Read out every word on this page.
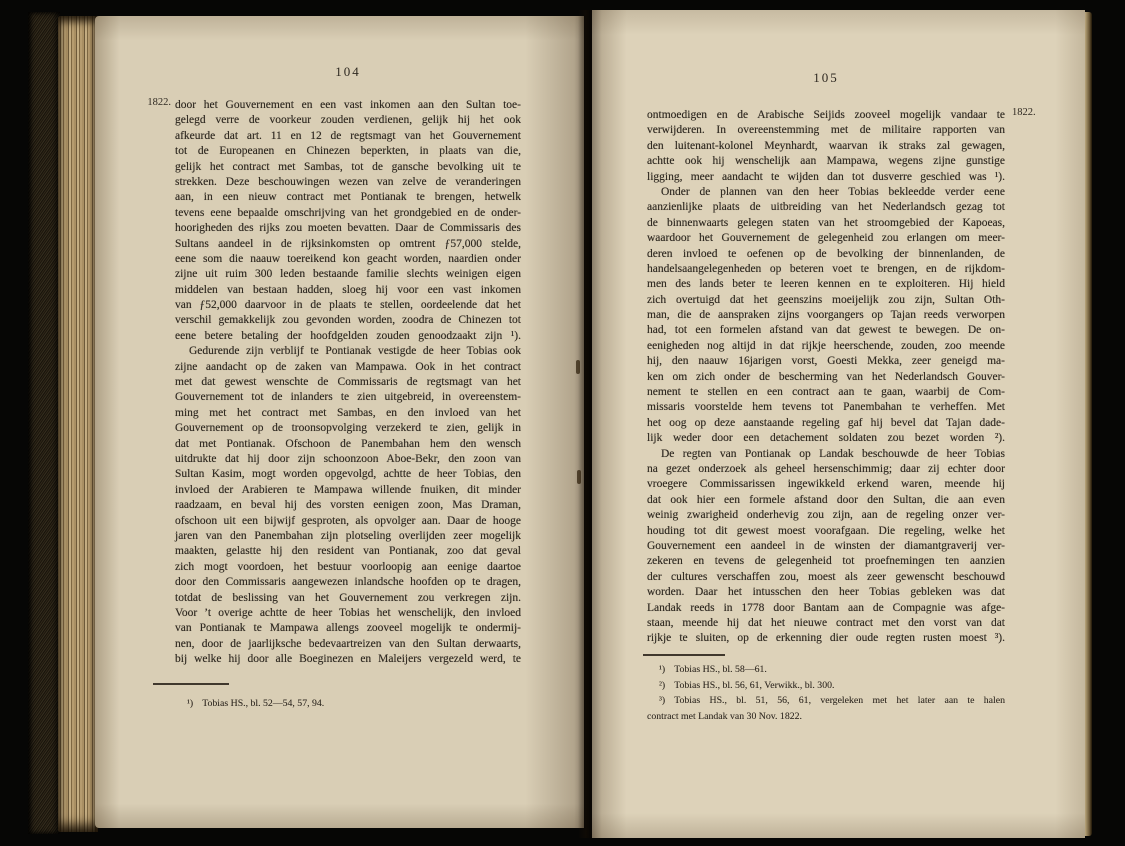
104
1822. door het Gouvernement en een vast inkomen aan den Sultan toe-
gelegd verre de voorkeur zouden verdienen, gelijk hij het ook
afkeurde dat art. 11 en 12 de regtsmagt van het Gouvernement
tot de Europeanen en Chinezen beperkten, in plaats van die,
gelijk het contract met Sambas, tot de gansche bevolking uit te
strekken. Deze beschouwingen wezen van zelve de veranderingen
aan, in een nieuw contract met Pontianak te brengen, hetwelk
tevens eene bepaalde omschrijving van het grondgebied en de onder-
hoorigheden des rijks zou moeten bevatten. Daar de Commissaris des
Sultans aandeel in de rijksinkomsten op omtrent ƒ57,000 stelde,
eene som die naauw toereikend kon geacht worden, naardien onder
zijne uit ruim 300 leden bestaande familie slechts weinigen eigen
middelen van bestaan hadden, sloeg hij voor een vast inkomen
van ƒ52,000 daarvoor in de plaats te stellen, oordeelende dat het
verschil gemakkelijk zou gevonden worden, zoodra de Chinezen tot
eene betere betaling der hoofdgelden zouden genoodzaakt zijn ¹).
Gedurende zijn verblijf te Pontianak vestigde de heer Tobias ook
zijne aandacht op de zaken van Mampawa. Ook in het contract
met dat gewest wenschte de Commissaris de regtsmagt van het
Gouvernement tot de inlanders te zien uitgebreid, in overeenstem-
ming met het contract met Sambas, en den invloed van het
Gouvernement op de troonsopvolging verzekerd te zien, gelijk in
dat met Pontianak. Ofschoon de Panembahan hem den wensch
uitdrukte dat hij door zijn schoonzoon Aboe-Bekr, den zoon van
Sultan Kasim, mogt worden opgevolgd, achtte de heer Tobias, den
invloed der Arabieren te Mampawa willende fnuiken, dit minder
raadzaam, en beval hij des vorsten eenigen zoon, Mas Draman,
ofschoon uit een bijwijf gesproten, als opvolger aan. Daar de hooge
jaren van den Panembahan zijn plotseling overlijden zeer mogelijk
maakten, gelastte hij den resident van Pontianak, zoo dat geval
zich mogt voordoen, het bestuur voorloopig aan eenige daartoe
door den Commissaris aangewezen inlandsche hoofden op te dragen,
totdat de beslissing van het Gouvernement zou verkregen zijn.
Voor ’t overige achtte de heer Tobias het wenschelijk, den invloed
van Pontianak te Mampawa allengs zooveel mogelijk te ondermij-
nen, door de jaarlijksche bedevaartreizen van den Sultan derwaarts,
bij welke hij door alle Boeginezen en Maleijers vergezeld werd, te
¹) Tobias HS., bl. 52—54, 57, 94.
105
1822.
ontmoedigen en de Arabische Seijids zooveel mogelijk vandaar te
verwijderen. In overeenstemming met de militaire rapporten van
den luitenant-kolonel Meynhardt, waarvan ik straks zal gewagen,
achtte ook hij wenschelijk aan Mampawa, wegens zijne gunstige
ligging, meer aandacht te wijden dan tot dusverre geschied was ¹).
Onder de plannen van den heer Tobias bekleedde verder eene
aanzienlijke plaats de uitbreiding van het Nederlandsch gezag tot
de binnenwaarts gelegen staten van het stroomgebied der Kapoeas,
waardoor het Gouvernement de gelegenheid zou erlangen om meer-
deren invloed te oefenen op de bevolking der binnenlanden, de
handelsaangelegenheden op beteren voet te brengen, en de rijkdom-
men des lands beter te leeren kennen en te exploiteren. Hij hield
zich overtuigd dat het geenszins moeijelijk zou zijn, Sultan Oth-
man, die de aanspraken zijns voorgangers op Tajan reeds verworpen
had, tot een formelen afstand van dat gewest te bewegen. De on-
eenigheden nog altijd in dat rijkje heerschende, zouden, zoo meende
hij, den naauw 16jarigen vorst, Goesti Mekka, zeer geneigd ma-
ken om zich onder de bescherming van het Nederlandsch Gouver-
nement te stellen en een contract aan te gaan, waarbij de Com-
missaris voorstelde hem tevens tot Panembahan te verheffen. Met
het oog op deze aanstaande regeling gaf hij bevel dat Tajan dade-
lijk weder door een detachement soldaten zou bezet worden ²).
De regten van Pontianak op Landak beschouwde de heer Tobias
na gezet onderzoek als geheel hersenschimmig; daar zij echter door
vroegere Commissarissen ingewikkeld erkend waren, meende hij
dat ook hier een formele afstand door den Sultan, die aan even
weinig zwarigheid onderhevig zou zijn, aan de regeling onzer ver-
houding tot dit gewest moest voorafgaan. Die regeling, welke het
Gouvernement een aandeel in de winsten der diamantgraverij ver-
zekeren en tevens de gelegenheid tot proefnemingen ten aanzien
der cultures verschaffen zou, moest als zeer gewenscht beschouwd
worden. Daar het intusschen den heer Tobias gebleken was dat
Landak reeds in 1778 door Bantam aan de Compagnie was afge-
staan, meende hij dat het nieuwe contract met den vorst van dat
rijkje te sluiten, op de erkenning dier oude regten rusten moest ³).
¹) Tobias HS., bl. 58—61.
²) Tobias HS., bl. 56, 61, Verwikk., bl. 300.
³) Tobias HS., bl. 51, 56, 61, vergeleken met het later aan te halen
contract met Landak van 30 Nov. 1822.
